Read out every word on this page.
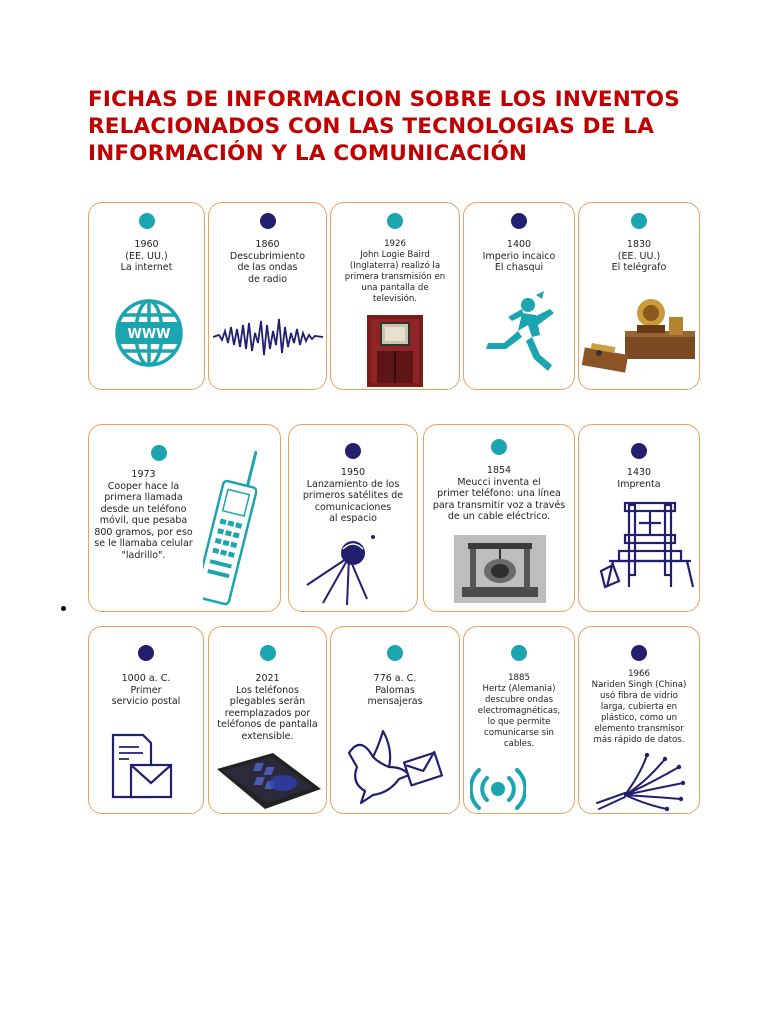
FICHAS DE INFORMACION SOBRE LOS INVENTOS
RELACIONADOS CON LAS TECNOLOGIAS DE LA
INFORMACIÓN Y LA COMUNICACIÓN
1960
(EE. UU.)
La internet
WWW
1860
Descubrimiento
de las ondas
de radio
1926
John Logie Baird
(Inglaterra) realizó la
primera transmisión en
una pantalla de
televisión.
1400
Imperio incaico
El chasqui
1830
(EE. UU.)
El telégrafo
1973
Cooper hace la
primera llamada
desde un teléfono
móvil, que pesaba
800 gramos, por eso
se le llamaba celular
"ladrillo".
1950
Lanzamiento de los
primeros satélites de
comunicaciones
al espacio
1854
Meucci inventa el
primer teléfono: una línea
para transmitir voz a través
de un cable eléctrico.
1430
Imprenta
1000 a. C.
Primer
servicio postal
2021
Los teléfonos
plegables serán
reemplazados por
teléfonos de pantalla
extensible.
776 a. C.
Palomas
mensajeras
1885
Hertz (Alemania)
descubre ondas
electromagnéticas,
lo que permite
comunicarse sin
cables.
1966
Nariden Singh (China)
usó fibra de vidrio
larga, cubierta en
plástico, como un
elemento transmisor
más rápido de datos.
